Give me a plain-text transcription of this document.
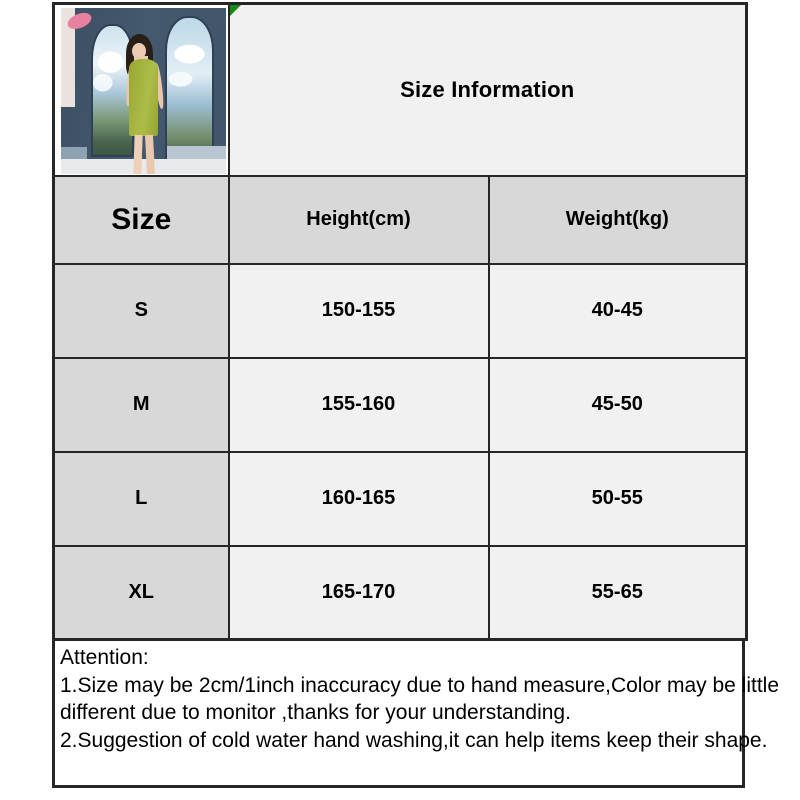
Size Information	
Size	Height(cm)	Weight(kg)
S	150-155	40-45
M	155-160	45-50
L	160-165	50-55
XL	165-170	55-65
Attention:
1.Size may be 2cm/1inch inaccuracy due to hand measure,Color may be little
different due to monitor ,thanks for your understanding.
2.Suggestion of cold water hand washing,it can help items keep their shape.
